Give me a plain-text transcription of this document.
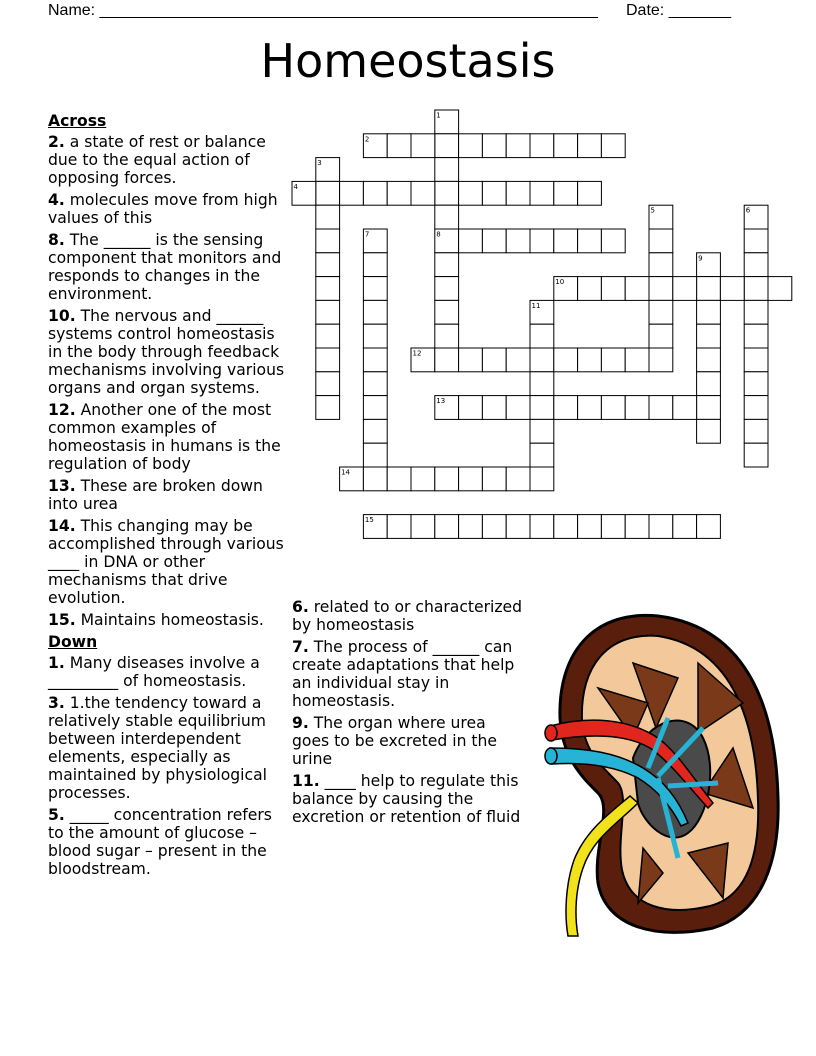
Name: ________________________________________________________ Date: _______
Homeostasis
Across
2. a state of rest or balance due to the equal action of opposing forces.
4. molecules move from high values of this
8. The ______ is the sensing component that monitors and responds to changes in the environment.
10. The nervous and ______ systems control homeostasis in the body through feedback mechanisms involving various organs and organ systems.
12. Another one of the most common examples of homeostasis in humans is the regulation of body
13. These are broken down into urea
14. This changing may be accomplished through various ____ in DNA or other mechanisms that drive evolution.
15. Maintains homeostasis.
Down
1. Many diseases involve a _________ of homeostasis.
3. 1.the tendency toward a relatively stable equilibrium between interdependent elements, especially as maintained by physiological processes.
5. _____ concentration refers to the amount of glucose – blood sugar – present in the bloodstream.
6. related to or characterized by homeostasis
7. The process of ______ can create adaptations that help an individual stay in homeostasis.
9. The organ where urea goes to be excreted in the urine
11. ____ help to regulate this balance by causing the excretion or retention of fluid
1
2
3
4
5	6
7	8
9
10
11
12
13
14
15
